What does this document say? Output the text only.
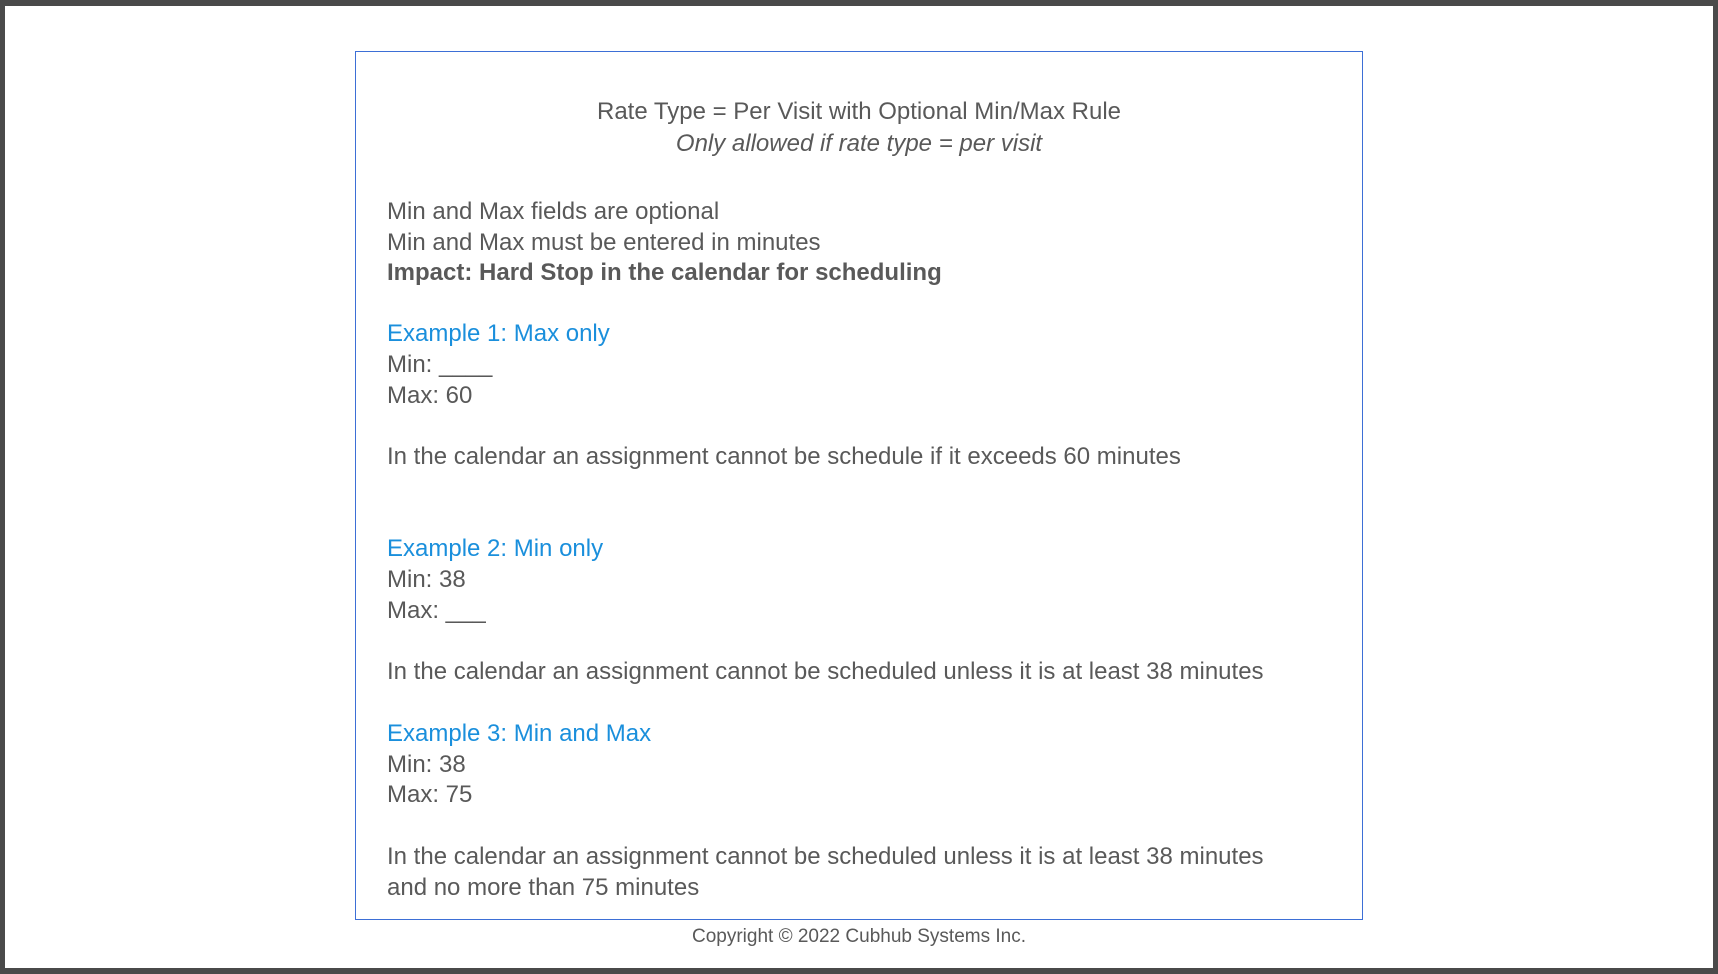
Rate Type = Per Visit with Optional Min/Max Rule
Only allowed if rate type = per visit
Min and Max fields are optional
Min and Max must be entered in minutes
Impact: Hard Stop in the calendar for scheduling
Example 1: Max only
Min: ____
Max: 60
In the calendar an assignment cannot be schedule if it exceeds 60 minutes
Example 2: Min only
Min: 38
Max: ___
In the calendar an assignment cannot be scheduled unless it is at least 38 minutes
Example 3: Min and Max
Min: 38
Max: 75
In the calendar an assignment cannot be scheduled unless it is at least 38 minutes
and no more than 75 minutes
Copyright © 2022 Cubhub Systems Inc.
